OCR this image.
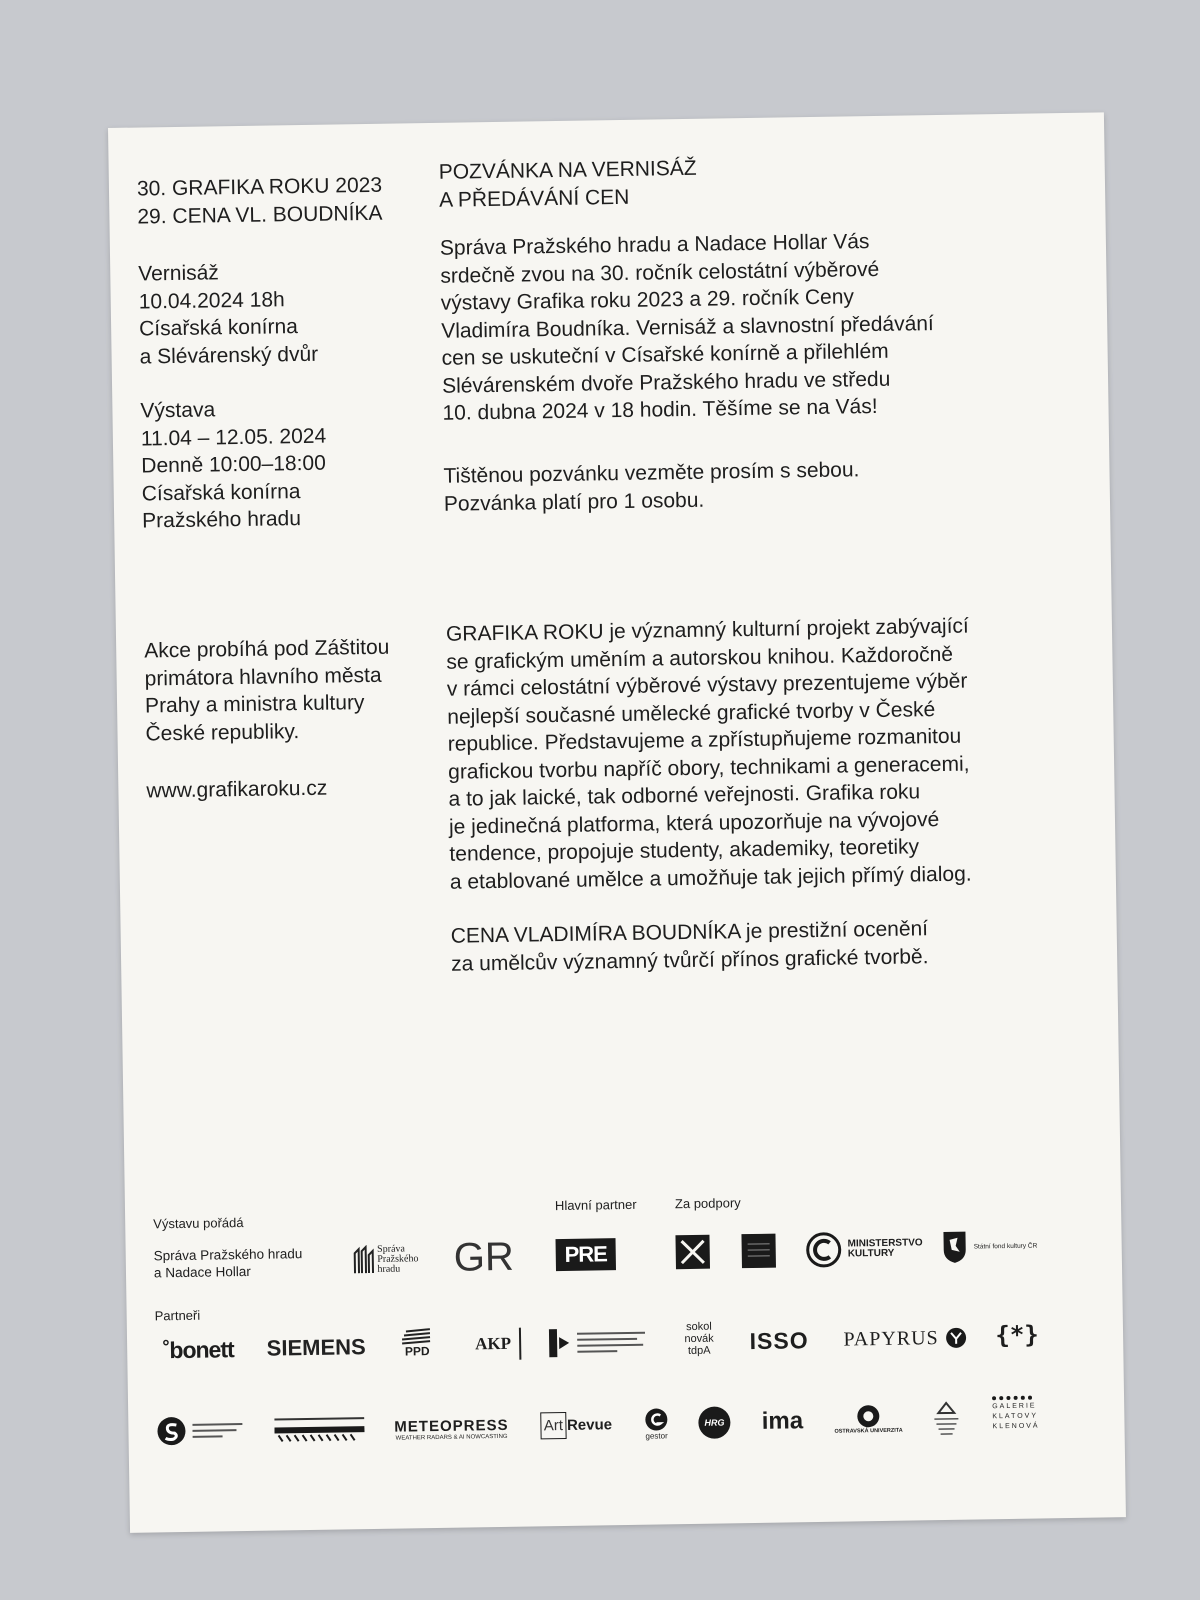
30. GRAFIKA ROKU 2023

29. CENA VL. BOUDNÍKA

POZVÁNKA NA VERNISÁŽ

A PŘEDÁVÁNÍ CEN

Vernisáž

10.04.2024 18h

Císařská konírna

a Slévárenský dvůr

Výstava

11.04 – 12.05. 2024

Denně 10:00–18:00

Císařská konírna

Pražského hradu

Správa Pražského hradu a Nadace Hollar Vás

srdečně zvou na 30. ročník celostátní výběrové

výstavy Grafika roku 2023 a 29. ročník Ceny

Vladimíra Boudníka. Vernisáž a slavnostní předávání

cen se uskuteční v Císařské konírně a přilehlém

Slévárenském dvoře Pražského hradu ve středu

10. dubna 2024 v 18 hodin. Těšíme se na Vás!

Tištěnou pozvánku vezměte prosím s sebou.

Pozvánka platí pro 1 osobu.

Akce probíhá pod Záštitou

primátora hlavního města

Prahy a ministra kultury

České republiky.

www.grafikaroku.cz

GRAFIKA ROKU je významný kulturní projekt zabývající

se grafickým uměním a autorskou knihou. Každoročně

v rámci celostátní výběrové výstavy prezentujeme výběr

nejlepší současné umělecké grafické tvorby v České

republice. Představujeme a zpřístupňujeme rozmanitou

grafickou tvorbu napříč obory, technikami a generacemi,

a to jak laické, tak odborné veřejnosti. Grafika roku

je jedinečná platforma, která upozorňuje na vývojové

tendence, propojuje studenty, akademiky, teoretiky

a etablované umělce a umožňuje tak jejich přímý dialog.

CENA VLADIMÍRA BOUDNÍKA je prestižní ocenění

za umělcův významný tvůrčí přínos grafické tvorbě.

Výstavu pořádá
Správa Pražského hradu
a Nadace Hollar
Správa Pražského hradu	GR
Hlavní partner
PRE
Za podpory
MINISTERSTVO KULTURY
Státní fond kultury ČR
Partneři
˚bonett	SIEMENS	PPD	AKP
sokol novák tdpA	ISSO	PAPYRUS {*}
METEOPRESS
WEATHER RADARS & AI NOWCASTING
Art Revue
gestor
HRG ima	OSTRAVSKÁ UNIVERZITA
GALERIE KLATOVY KLENOVÁ
